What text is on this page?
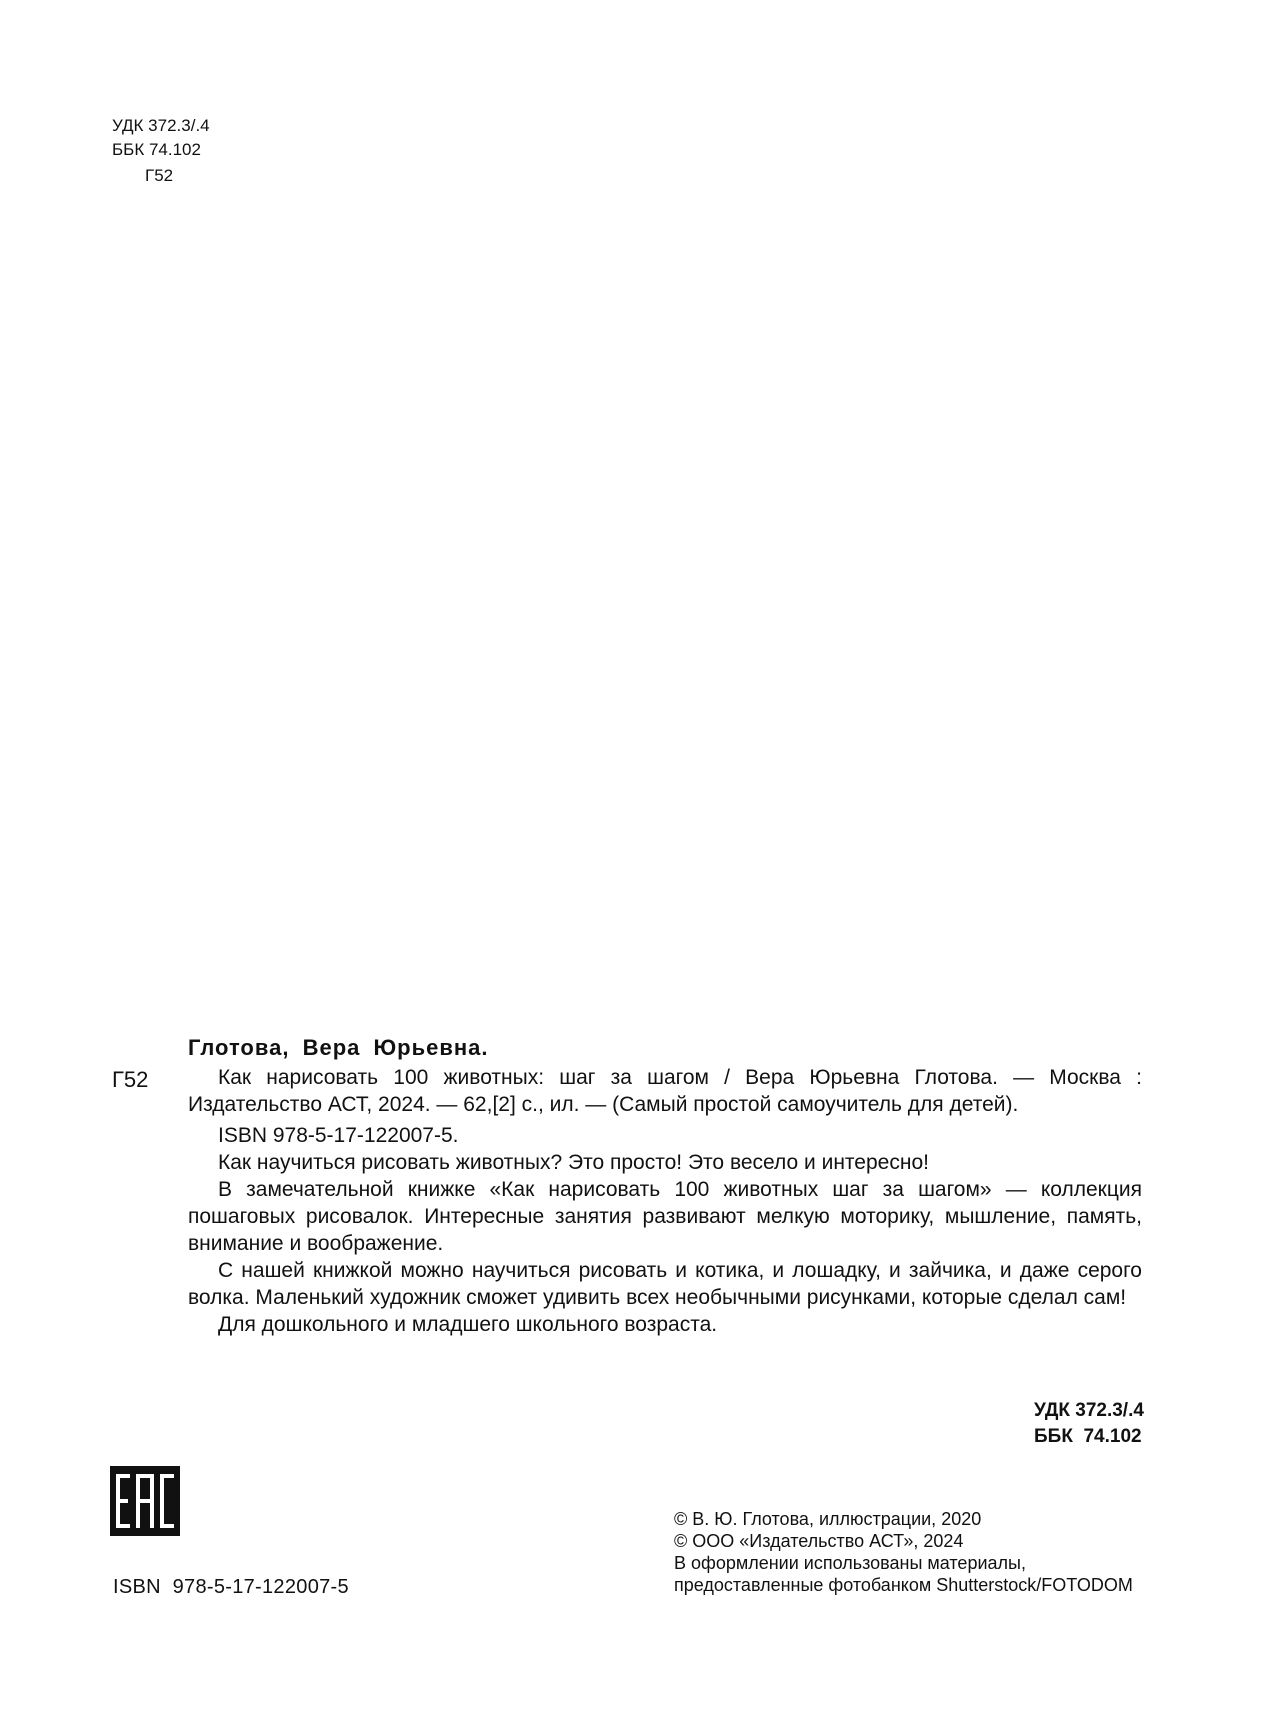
УДК 372.3/.4
ББК 74.102
Г52
Глотова, Вера Юрьевна.
Г52	Как нарисовать 100 животных: шаг за шагом / Вера Юрьевна Глотова. — Москва : Издательство АСТ, 2024. — 62,[2] с., ил. — (Самый простой самоучитель для детей).

ISBN 978-5-17-122007-5.

Как научиться рисовать животных? Это просто! Это весело и интересно!

В замечательной книжке «Как нарисовать 100 животных шаг за шагом» — коллекция пошаговых рисовалок. Интересные занятия развивают мелкую моторику, мышление, память, внимание и воображение.

С нашей книжкой можно научиться рисовать и котика, и лошадку, и зайчика, и даже серого волка. Маленький художник сможет удивить всех необычными рисунками, которые сделал сам!

Для дошкольного и младшего школьного возраста.

УДК 372.3/.4
ББК  74.102
ISBN  978-5-17-122007-5
© В. Ю. Глотова, иллюстрации, 2020
© ООО «Издательство АСТ», 2024
В оформлении использованы материалы,
предоставленные фотобанком Shutterstock/FOTODOM
